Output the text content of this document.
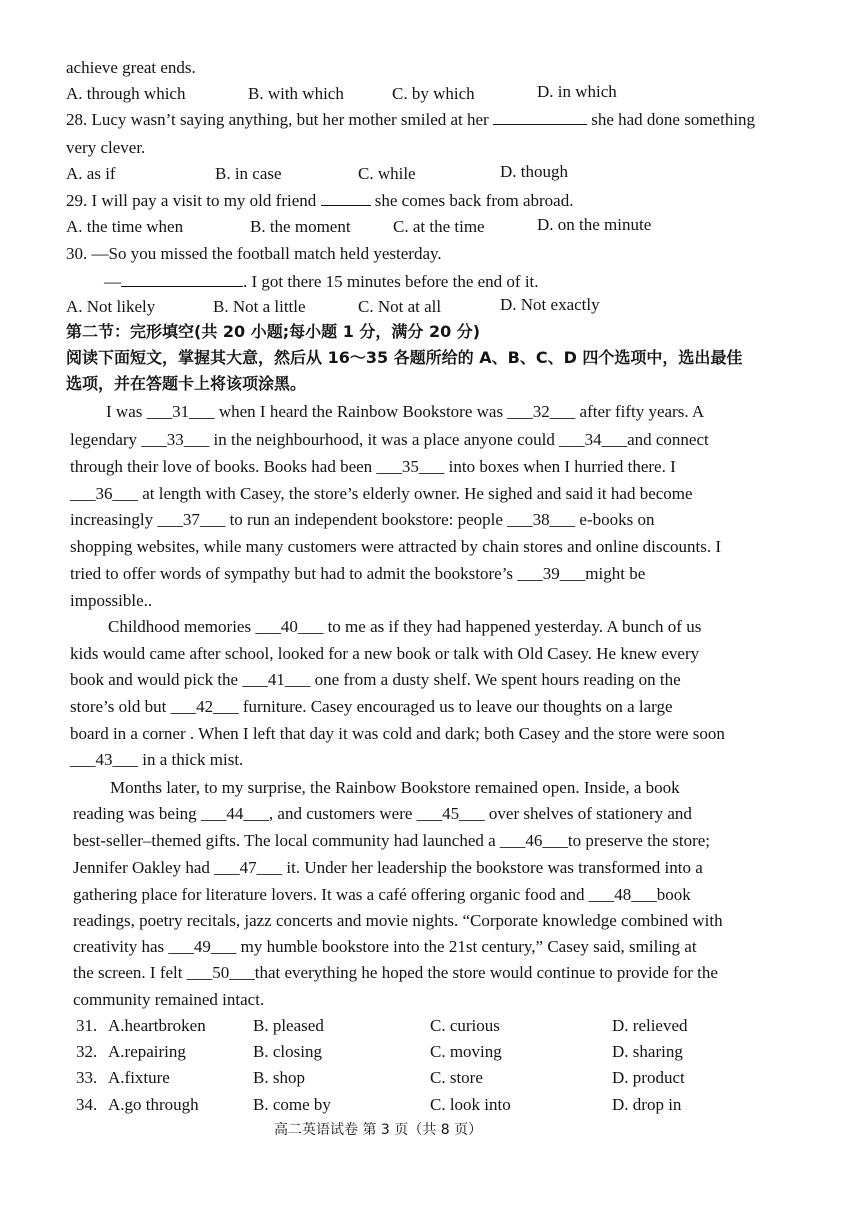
achieve great ends.
A. through which	B. with which	C. by which	D. in which
28. Lucy wasn’t saying anything, but her mother smiled at her	she had done something
very clever.
A. as if	B. in case	C. while	D. though
29. I will pay a visit to my old friend	she comes back from abroad.
A. the time when	B. the moment C. at the time	D. on the minute
30. —So you missed the football match held yesterday.
—	. I got there 15 minutes before the end of it.
A. Not likely	B. Not a little	C. Not at all	D. Not exactly
第二节：完形填空(共 20 小题;每小题 1 分，满分 20 分)
阅读下面短文，掌握其大意，然后从 16～35 各题所给的 A、B、C、D 四个选项中，选出最佳
选项，并在答题卡上将该项涂黑。
I was ___31___ when I heard the Rainbow Bookstore was ___32___ after fifty years. A
legendary ___33___ in the neighbourhood, it was a place anyone could ___34___and connect
through their love of books. Books had been ___35___ into boxes when I hurried there. I
___36___ at length with Casey, the store’s elderly owner. He sighed and said it had become
increasingly ___37___ to run an independent bookstore: people ___38___ e-books on
shopping websites, while many customers were attracted by chain stores and online discounts. I
tried to offer words of sympathy but had to admit the bookstore’s ___39___might be
impossible..
Childhood memories ___40___ to me as if they had happened yesterday. A bunch of us
kids would came after school, looked for a new book or talk with Old Casey. He knew every
book and would pick the ___41___ one from a dusty shelf. We spent hours reading on the
store’s old but ___42___ furniture. Casey encouraged us to leave our thoughts on a large
board in a corner . When I left that day it was cold and dark; both Casey and the store were soon
___43___ in a thick mist.
Months later, to my surprise, the Rainbow Bookstore remained open. Inside, a book
reading was being ___44___, and customers were ___45___ over shelves of stationery and
best-seller–themed gifts. The local community had launched a ___46___to preserve the store;
Jennifer Oakley had ___47___ it. Under her leadership the bookstore was transformed into a
gathering place for literature lovers. It was a café offering organic food and ___48___book
readings, poetry recitals, jazz concerts and movie nights. “Corporate knowledge combined with
creativity has ___49___ my humble bookstore into the 21st century,” Casey said, smiling at
the screen. I felt ___50___that everything he hoped the store would continue to provide for the
community remained intact.
31. A.heartbroken	B. pleased	C. curious	D. relieved
32. A.repairing	B. closing	C. moving	D. sharing
33. A.fixture	B. shop	C. store	D. product
34. A.go through	B. come by	C. look into	D. drop in
高二英语试卷 第 3 页（共 8 页）
